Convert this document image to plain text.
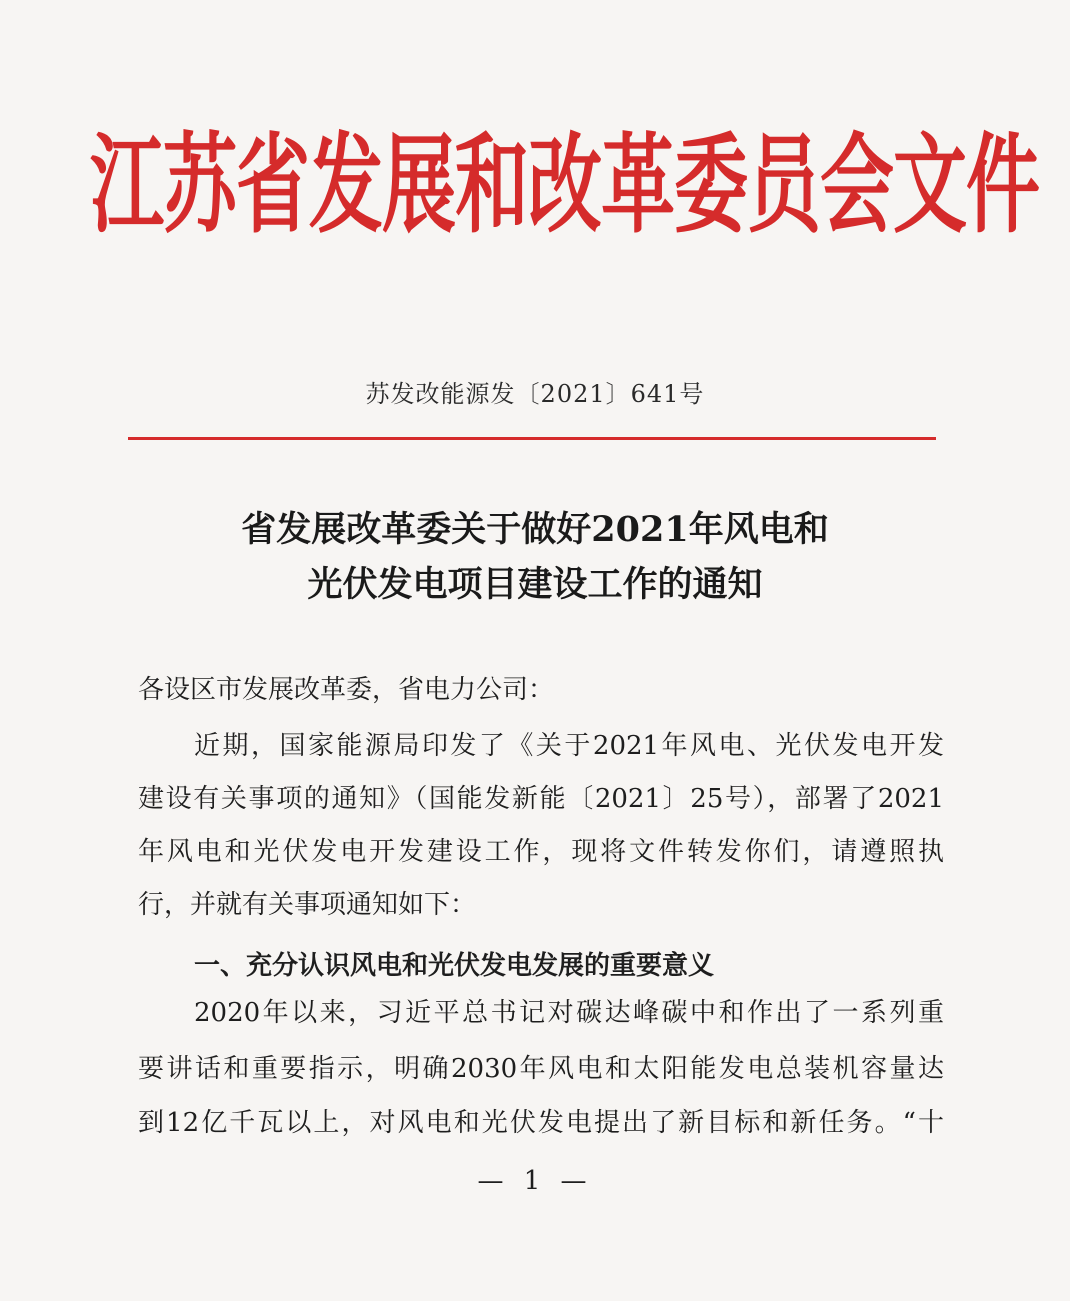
江苏省发展和改革委员会文件
苏发改能源发〔2021〕641号
省发展改革委关于做好2021年风电和
光伏发电项目建设工作的通知
各设区市发展改革委，省电力公司：
近期，国家能源局印发了《关于2021年风电、光伏发电开发
建设有关事项的通知》（国能发新能〔2021〕25号），部署了2021
年风电和光伏发电开发建设工作，现将文件转发你们，请遵照执
行，并就有关事项通知如下：
一、充分认识风电和光伏发电发展的重要意义
2020年以来，习近平总书记对碳达峰碳中和作出了一系列重
要讲话和重要指示，明确2030年风电和太阳能发电总装机容量达
到12亿千瓦以上，对风电和光伏发电提出了新目标和新任务。“十
— 1 —
